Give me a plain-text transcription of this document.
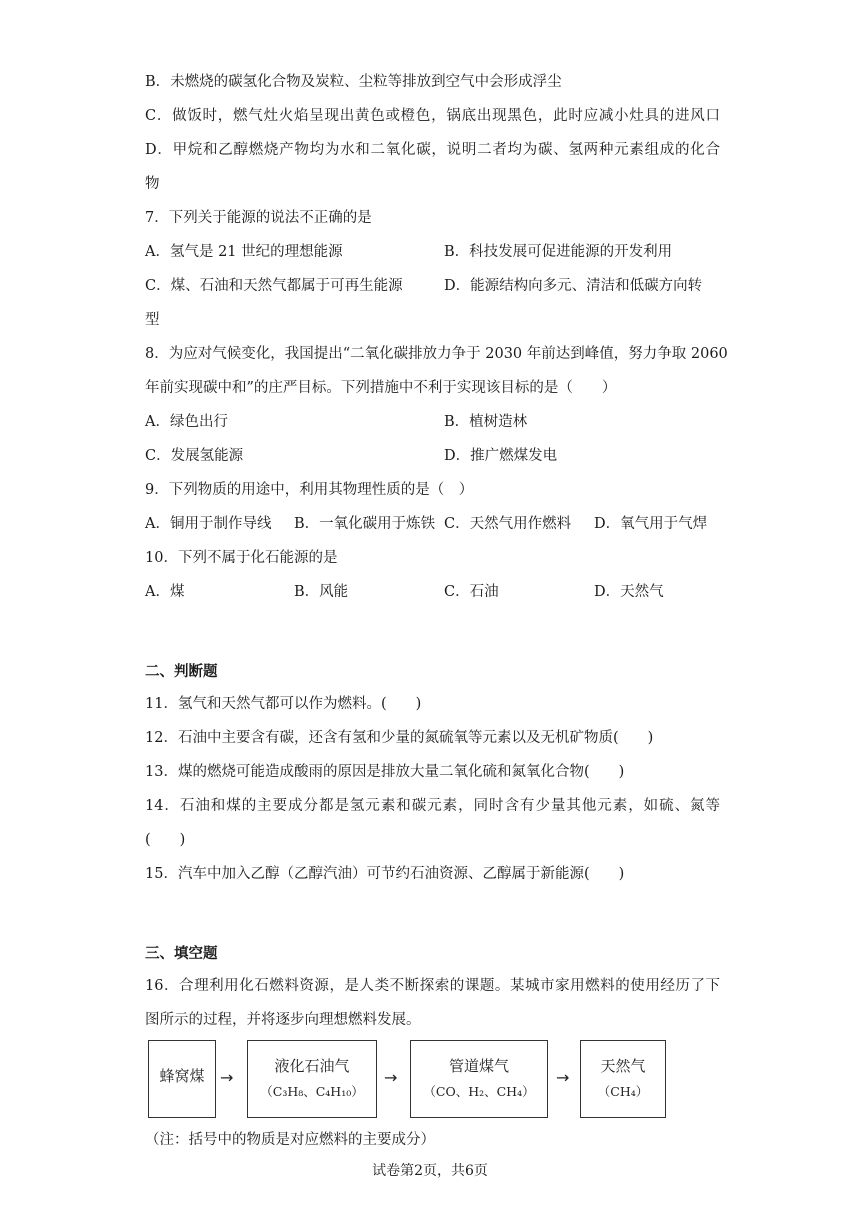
B．未燃烧的碳氢化合物及炭粒、尘粒等排放到空气中会形成浮尘
C．做饭时，燃气灶火焰呈现出黄色或橙色，锅底出现黑色，此时应减小灶具的进风口
D．甲烷和乙醇燃烧产物均为水和二氧化碳，说明二者均为碳、氢两种元素组成的化合
物
7．下列关于能源的说法不正确的是
A．氢气是 21 世纪的理想能源	B．科技发展可促进能源的开发利用
C．煤、石油和天然气都属于可再生能源	D．能源结构向多元、清洁和低碳方向转
型
8．为应对气候变化，我国提出“二氧化碳排放力争于 2030 年前达到峰值，努力争取 2060
年前实现碳中和”的庄严目标。下列措施中不利于实现该目标的是（　　）
A．绿色出行	B．植树造林
C．发展氢能源	D．推广燃煤发电
9．下列物质的用途中，利用其物理性质的是（　）
A．铜用于制作导线 B．一氧化碳用于炼铁 C．天然气用作燃料 D．氧气用于气焊
10．下列不属于化石能源的是
A．煤	B．风能	C．石油	D．天然气
二、判断题
11．氢气和天然气都可以作为燃料。(　　)
12．石油中主要含有碳，还含有氢和少量的氮硫氧等元素以及无机矿物质(　　)
13．煤的燃烧可能造成酸雨的原因是排放大量二氧化硫和氮氧化合物(　　)
14．石油和煤的主要成分都是氢元素和碳元素，同时含有少量其他元素，如硫、氮等
(　　)
15．汽车中加入乙醇（乙醇汽油）可节约石油资源、乙醇属于新能源(　　)
三、填空题
16．合理利用化石燃料资源，是人类不断探索的课题。某城市家用燃料的使用经历了下
图所示的过程，并将逐步向理想燃料发展。
蜂窝煤 →
液化石油气
（C₃H₈、C₄H₁₀）
→
管道煤气
（CO、H₂、CH₄）
→
天然气
（CH₄）
（注：括号中的物质是对应燃料的主要成分）
试卷第2页，共6页
